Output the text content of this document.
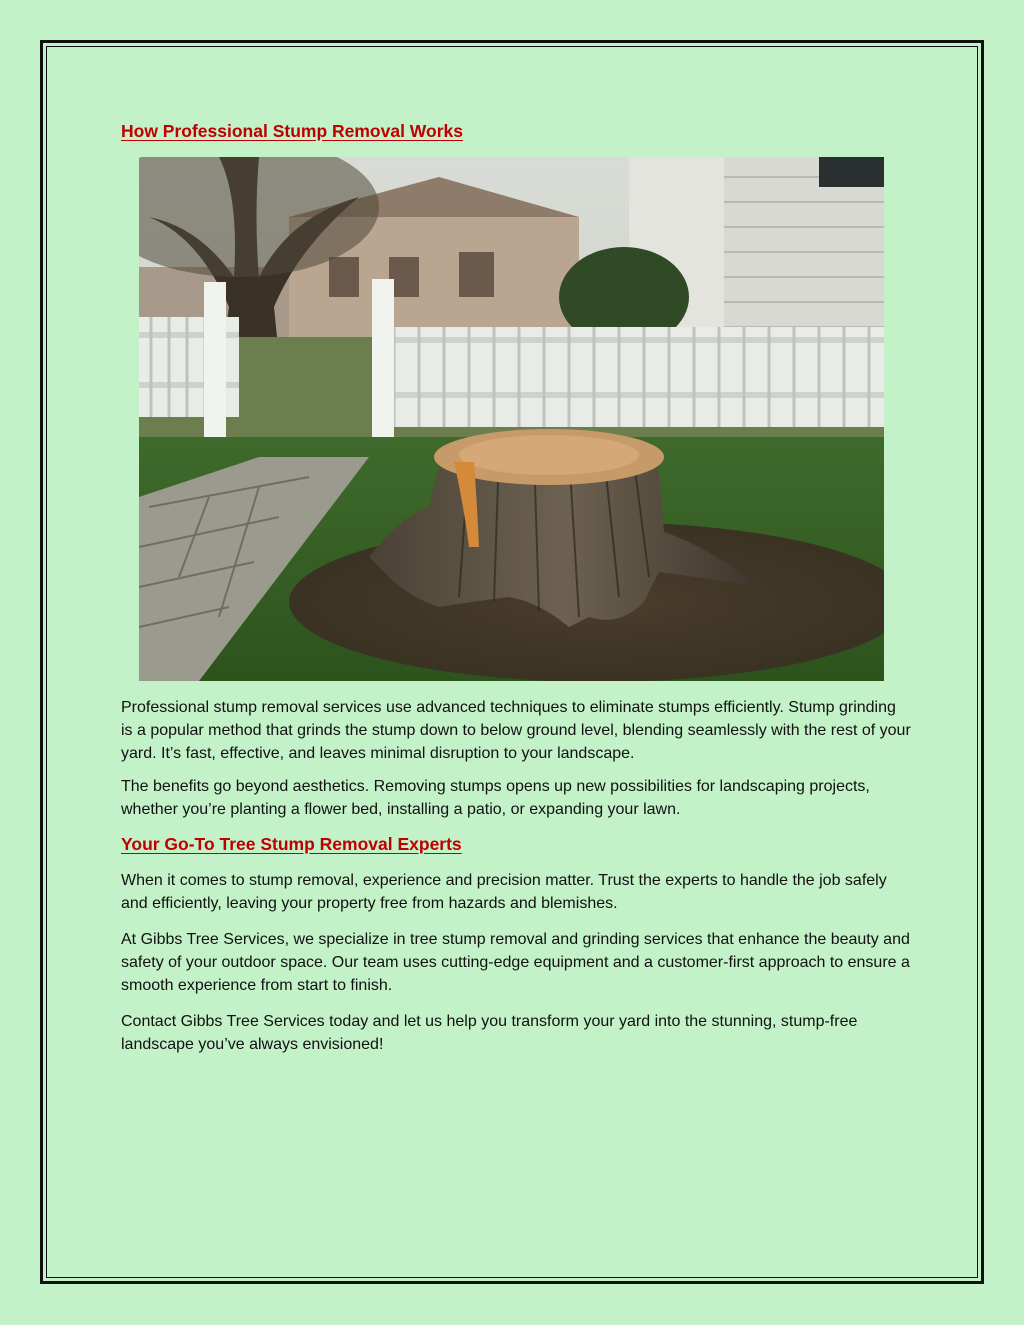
How Professional Stump Removal Works

Professional stump removal services use advanced techniques to eliminate stumps efficiently. Stump grinding is a popular method that grinds the stump down to below ground level, blending seamlessly with the rest of your yard. It’s fast, effective, and leaves minimal disruption to your landscape.

The benefits go beyond aesthetics. Removing stumps opens up new possibilities for landscaping projects, whether you’re planting a flower bed, installing a patio, or expanding your lawn.

Your Go-To Tree Stump Removal Experts

When it comes to stump removal, experience and precision matter. Trust the experts to handle the job safely and efficiently, leaving your property free from hazards and blemishes.

At Gibbs Tree Services, we specialize in tree stump removal and grinding services that enhance the beauty and safety of your outdoor space. Our team uses cutting-edge equipment and a customer-first approach to ensure a smooth experience from start to finish.

Contact Gibbs Tree Services today and let us help you transform your yard into the stunning, stump-free landscape you’ve always envisioned!
